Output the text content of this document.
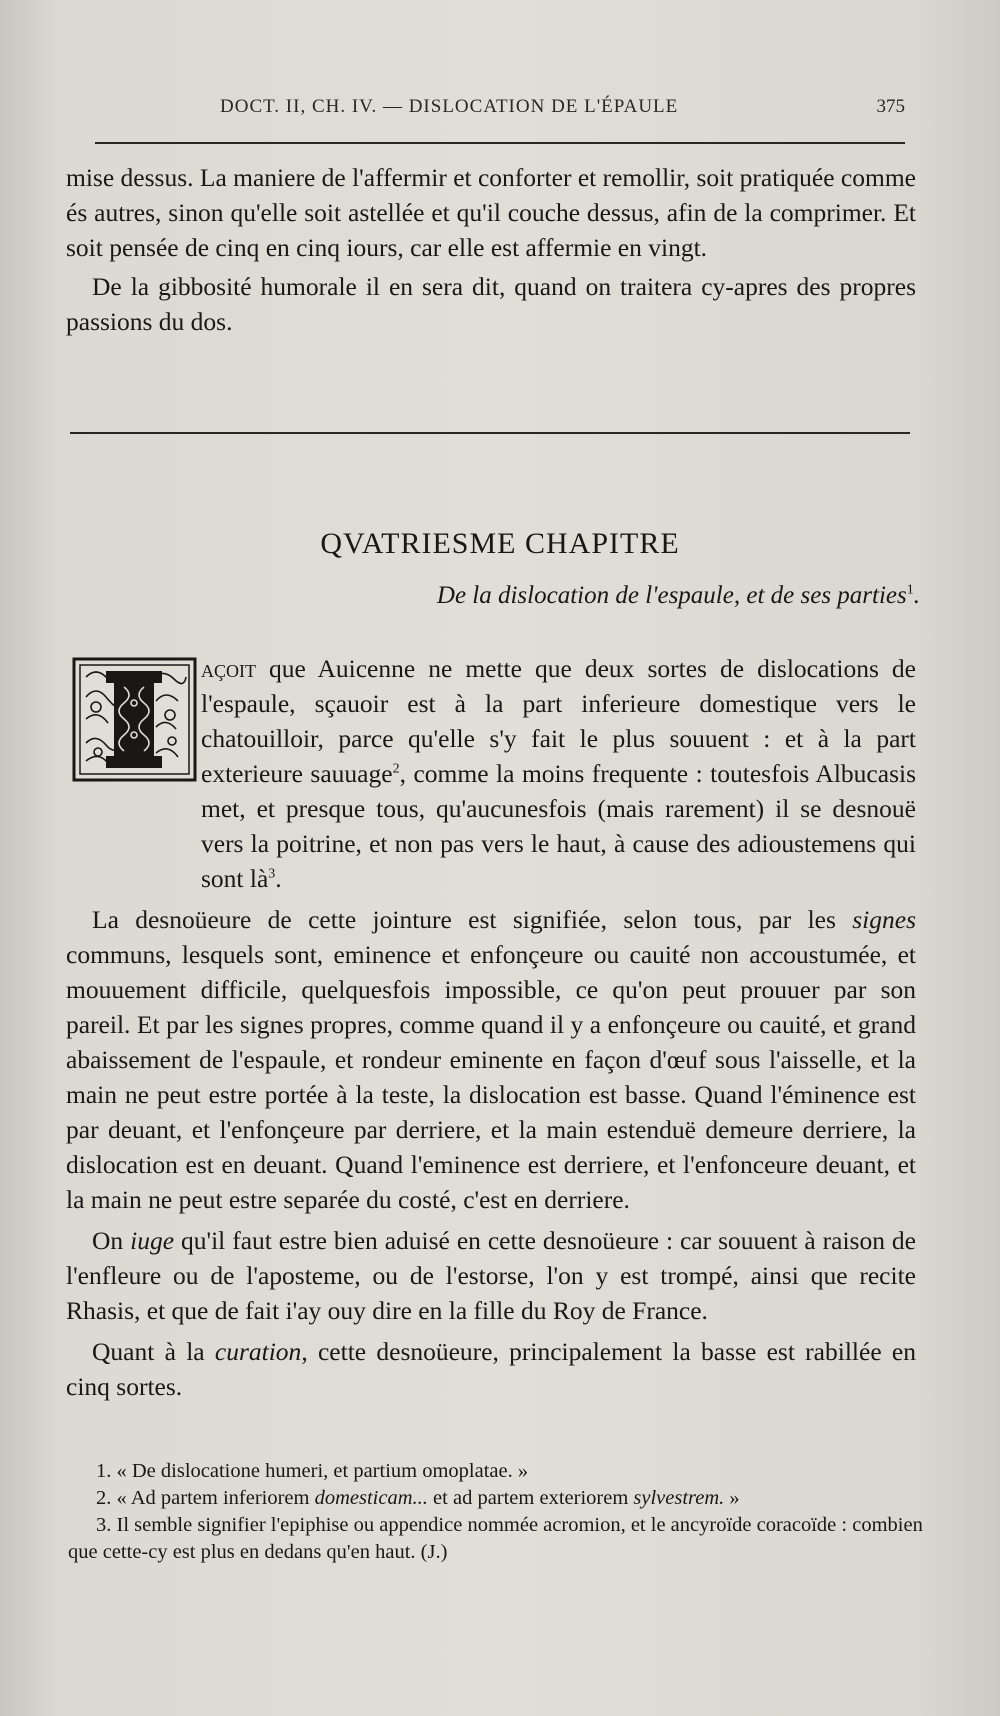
DOCT. II, CH. IV. — DISLOCATION DE L'ÉPAULE	375

mise dessus. La maniere de l'affermir et conforter et remollir, soit pratiquée comme és autres, sinon qu'elle soit astellée et qu'il couche dessus, afin de la comprimer. Et soit pensée de cinq en cinq iours, car elle est affermie en vingt.

De la gibbosité humorale il en sera dit, quand on traitera cy-apres des propres passions du dos.

QVATRIESME CHAPITRE
De la dislocation de l'espaule, et de ses parties$^1$.

açoit que Auicenne ne mette que deux sortes de dislocations de l'espaule, sçauoir est à la part inferieure domestique vers le chatouilloir, parce qu'elle s'y fait le plus souuent : et à la part exterieure sauuage$^2$, comme la moins frequente : toutesfois Albucasis met, et presque tous, qu'aucunesfois (mais rarement) il se desnouë vers la poitrine, et non pas vers le haut, à cause des adioustemens qui sont $là^3$.

La desnoüeure de cette jointure est signifiée, selon tous, par les signes communs, lesquels sont, eminence et enfonçeure ou cauité non accoustumée, et mouuement difficile, quelquesfois impossible, ce qu'on peut prouuer par son pareil. Et par les signes propres, comme quand il y a enfonçeure ou cauité, et grand abaissement de l'espaule, et rondeur eminente en façon d'œuf sous l'aisselle, et la main ne peut estre portée à la teste, la dislocation est basse. Quand l'éminence est par deuant, et l'enfonçeure par derriere, et la main estenduë demeure derriere, la dislocation est en deuant. Quand l'eminence est derriere, et l'enfonceure deuant, et la main ne peut estre separée du costé, c'est en derriere.

On iuge qu'il faut estre bien aduisé en cette desnoüeure : car souuent à raison de l'enfleure ou de l'aposteme, ou de l'estorse, l'on y est trompé, ainsi que recite Rhasis, et que de fait i'ay ouy dire en la fille du Roy de France.

Quant à la curation, cette desnoüeure, principalement la basse est rabillée en cinq sortes.

1. « De dislocatione humeri, et partium omoplatae. »

2. « Ad partem inferiorem domesticam... et ad partem exteriorem sylvestrem. »

3. Il semble signifier l'epiphise ou appendice nommée acromion, et le ancyroïde coracoïde : combien que cette-cy est plus en dedans qu'en haut. (J.)
